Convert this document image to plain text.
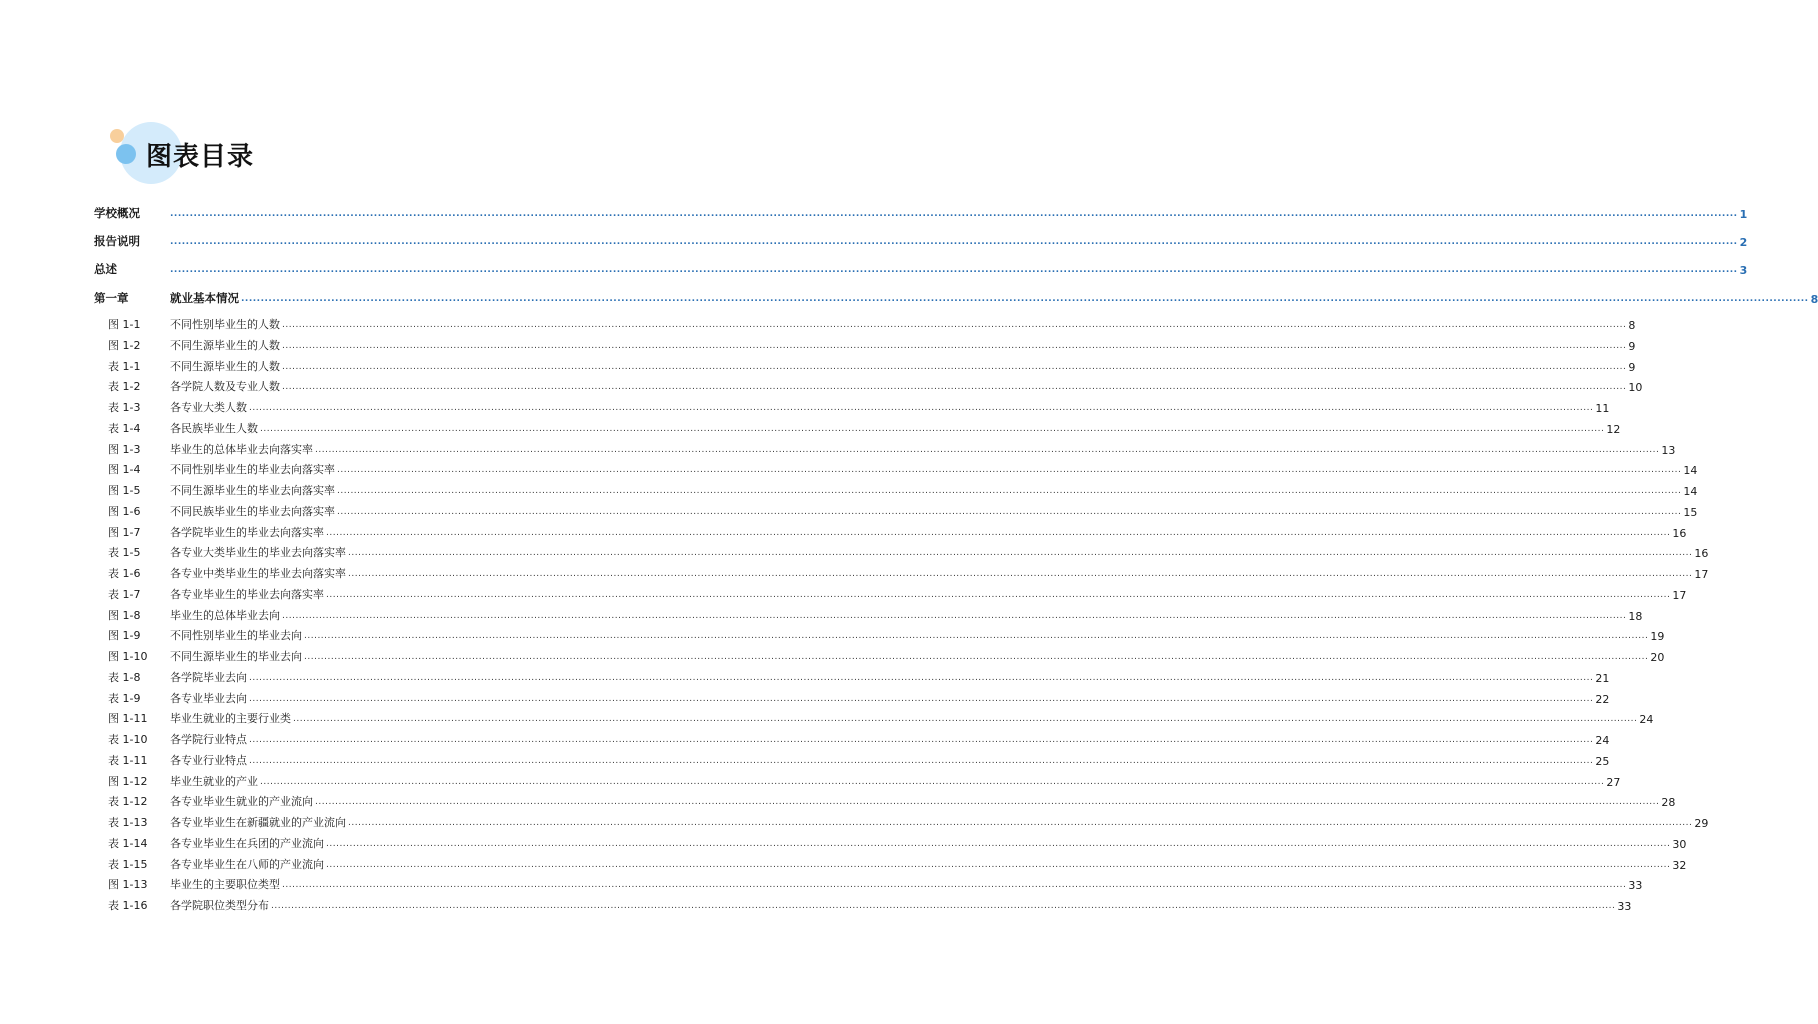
图表目录
学校概况	................................................................................................................................................................................................................................................................................................................................................................................................................ 1
报告说明	................................................................................................................................................................................................................................................................................................................................................................................................................ 2
总述	................................................................................................................................................................................................................................................................................................................................................................................................................ 3
第一章	就业基本情况 ................................................................................................................................................................................................................................................................................................................................................................................................................ 8
图 1-1	不同性别毕业生的人数 ................................................................................................................................................................................................................................................................................................................................................................................................................ 8
图 1-2	不同生源毕业生的人数 ................................................................................................................................................................................................................................................................................................................................................................................................................ 9
表 1-1	不同生源毕业生的人数 ................................................................................................................................................................................................................................................................................................................................................................................................................ 9
表 1-2	各学院人数及专业人数 ................................................................................................................................................................................................................................................................................................................................................................................................................ 10
表 1-3	各专业大类人数 ................................................................................................................................................................................................................................................................................................................................................................................................................ 11
表 1-4	各民族毕业生人数 ................................................................................................................................................................................................................................................................................................................................................................................................................ 12
图 1-3	毕业生的总体毕业去向落实率 ................................................................................................................................................................................................................................................................................................................................................................................................................ 13
图 1-4	不同性别毕业生的毕业去向落实率 ................................................................................................................................................................................................................................................................................................................................................................................................................ 14
图 1-5	不同生源毕业生的毕业去向落实率 ................................................................................................................................................................................................................................................................................................................................................................................................................ 14
图 1-6	不同民族毕业生的毕业去向落实率 ................................................................................................................................................................................................................................................................................................................................................................................................................ 15
图 1-7	各学院毕业生的毕业去向落实率 ................................................................................................................................................................................................................................................................................................................................................................................................................ 16
表 1-5	各专业大类毕业生的毕业去向落实率 ................................................................................................................................................................................................................................................................................................................................................................................................................ 16
表 1-6	各专业中类毕业生的毕业去向落实率 ................................................................................................................................................................................................................................................................................................................................................................................................................ 17
表 1-7	各专业毕业生的毕业去向落实率 ................................................................................................................................................................................................................................................................................................................................................................................................................ 17
图 1-8	毕业生的总体毕业去向 ................................................................................................................................................................................................................................................................................................................................................................................................................ 18
图 1-9	不同性别毕业生的毕业去向 ................................................................................................................................................................................................................................................................................................................................................................................................................ 19
图 1-10	不同生源毕业生的毕业去向 ................................................................................................................................................................................................................................................................................................................................................................................................................ 20
表 1-8	各学院毕业去向 ................................................................................................................................................................................................................................................................................................................................................................................................................ 21
表 1-9	各专业毕业去向 ................................................................................................................................................................................................................................................................................................................................................................................................................ 22
图 1-11	毕业生就业的主要行业类 ................................................................................................................................................................................................................................................................................................................................................................................................................ 24
表 1-10	各学院行业特点 ................................................................................................................................................................................................................................................................................................................................................................................................................ 24
表 1-11	各专业行业特点 ................................................................................................................................................................................................................................................................................................................................................................................................................ 25
图 1-12	毕业生就业的产业 ................................................................................................................................................................................................................................................................................................................................................................................................................ 27
表 1-12	各专业毕业生就业的产业流向 ................................................................................................................................................................................................................................................................................................................................................................................................................ 28
表 1-13	各专业毕业生在新疆就业的产业流向 ................................................................................................................................................................................................................................................................................................................................................................................................................ 29
表 1-14	各专业毕业生在兵团的产业流向 ................................................................................................................................................................................................................................................................................................................................................................................................................ 30
表 1-15	各专业毕业生在八师的产业流向 ................................................................................................................................................................................................................................................................................................................................................................................................................ 32
图 1-13	毕业生的主要职位类型 ................................................................................................................................................................................................................................................................................................................................................................................................................ 33
表 1-16	各学院职位类型分布 ................................................................................................................................................................................................................................................................................................................................................................................................................ 33
